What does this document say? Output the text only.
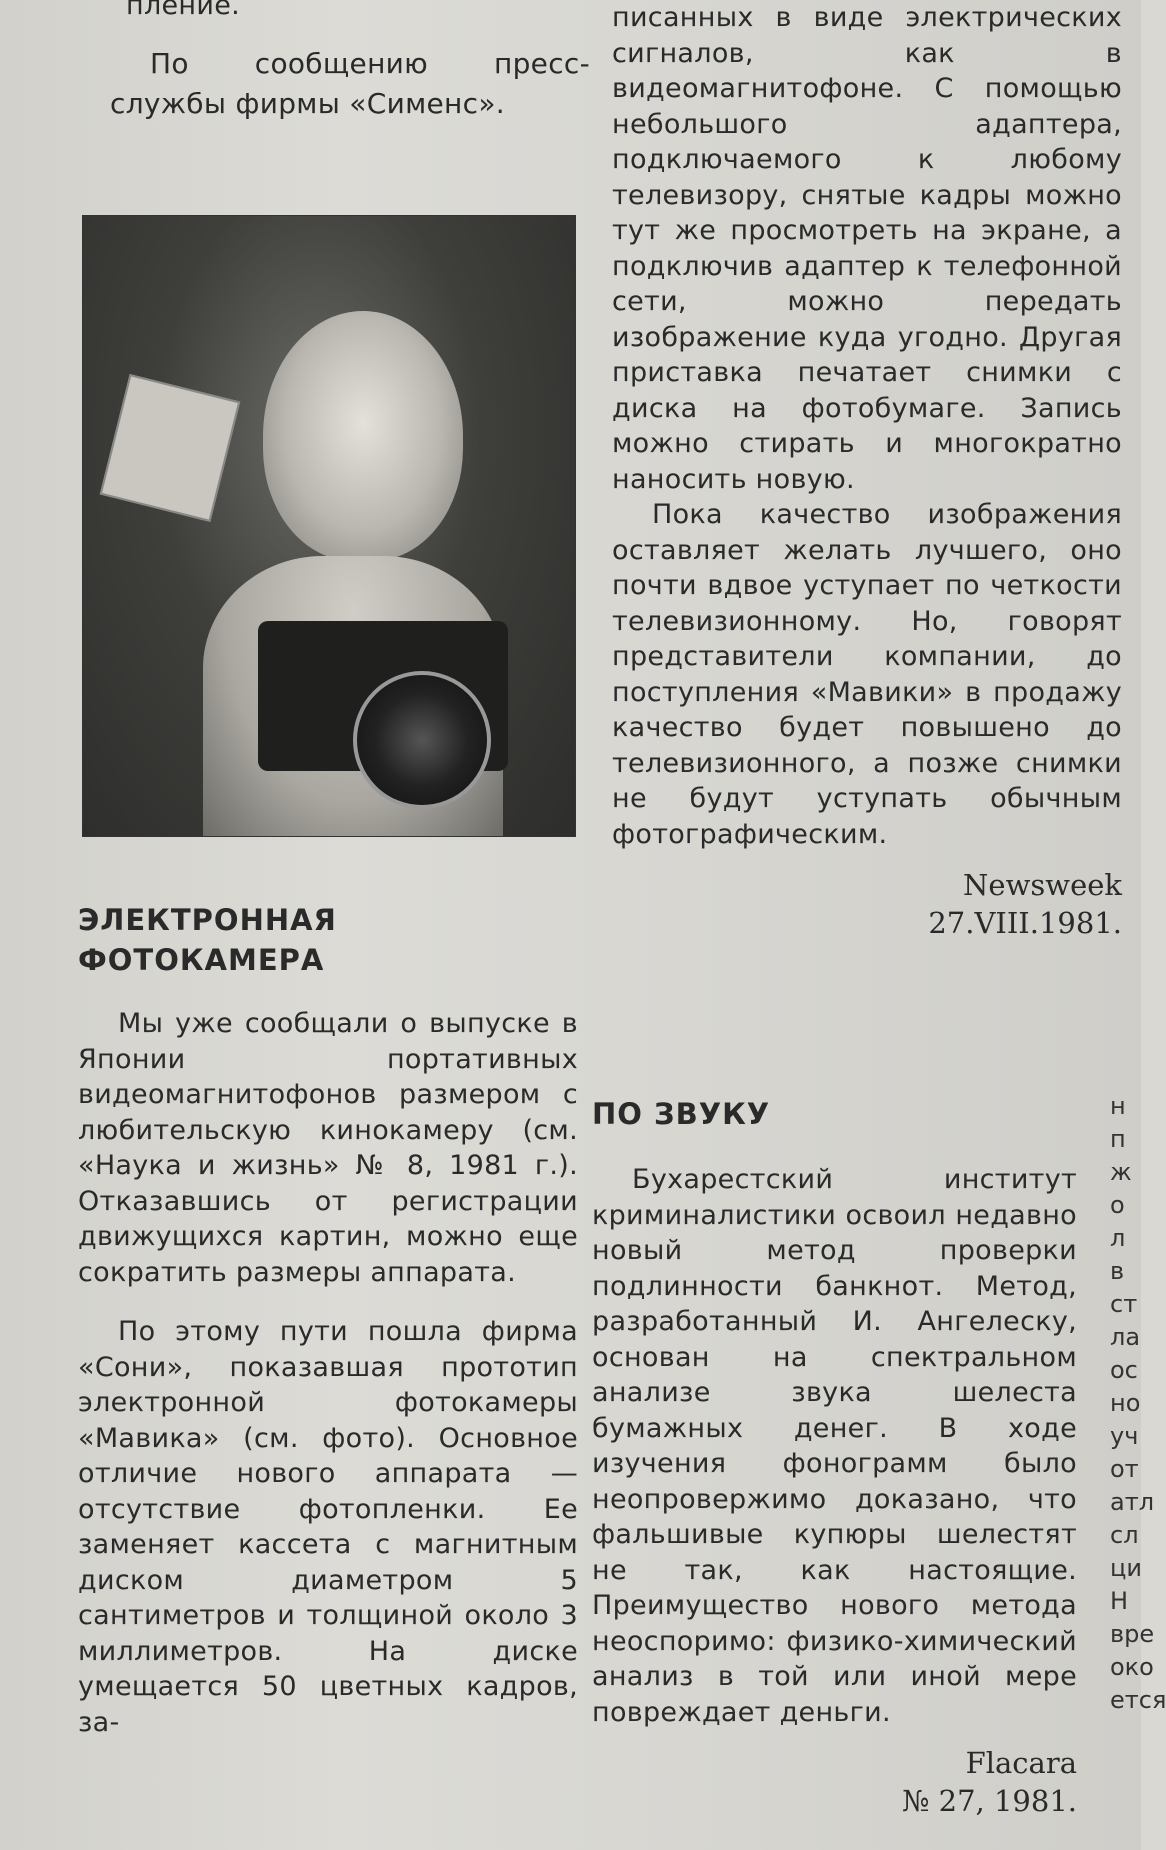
пление.

По сообщению пресс-службы фирмы «Сименс».

ЭЛЕКТРОННАЯ

ФОТОКАМЕРА

Мы уже сообщали о выпуске в Японии портативных видеомагнитофонов размером с любительскую кинокамеру (см. «Наука и жизнь» № 8, 1981 г.). Отказавшись от регистрации движущихся картин, можно еще сократить размеры аппарата.

По этому пути пошла фирма «Сони», показавшая прототип электронной фотокамеры «Мавика» (см. фото). Основное отличие нового аппарата — отсутствие фотопленки. Ее заменяет кассета с магнитным диском диаметром 5 сантиметров и толщиной около 3 миллиметров. На диске умещается 50 цветных кадров, за-

писанных в виде электрических сигналов, как в видеомагнитофоне. С помощью небольшого адаптера, подключаемого к любому телевизору, снятые кадры можно тут же просмотреть на экране, а подключив адаптер к телефонной сети, можно передать изображение куда угодно. Другая приставка печатает снимки с диска на фотобумаге. Запись можно стирать и многократно наносить новую.

Пока качество изображения оставляет желать лучшего, оно почти вдвое уступает по четкости телевизионному. Но, говорят представители компании, до поступления «Мавики» в продажу качество будет повышено до телевизионного, а позже снимки не будут уступать обычным фотографическим.

Newsweek

27.VIII.1981.

ПО ЗВУКУ

Бухарестский институт криминалистики освоил недавно новый метод проверки подлинности банкнот. Метод, разработанный И. Ангелеску, основан на спектральном анализе звука шелеста бумажных денег. В ходе изучения фонограмм было неопровержимо доказано, что фальшивые купюры шелестят не так, как настоящие. Преимущество нового метода неоспоримо: физико-химический анализ в той или иной мере повреждает деньги.

Flacara

№ 27, 1981.

н
п
ж
о
л
в
ст
ла
ос
но
уч
от
атл
сл
ци
Н
вре
око
ется
